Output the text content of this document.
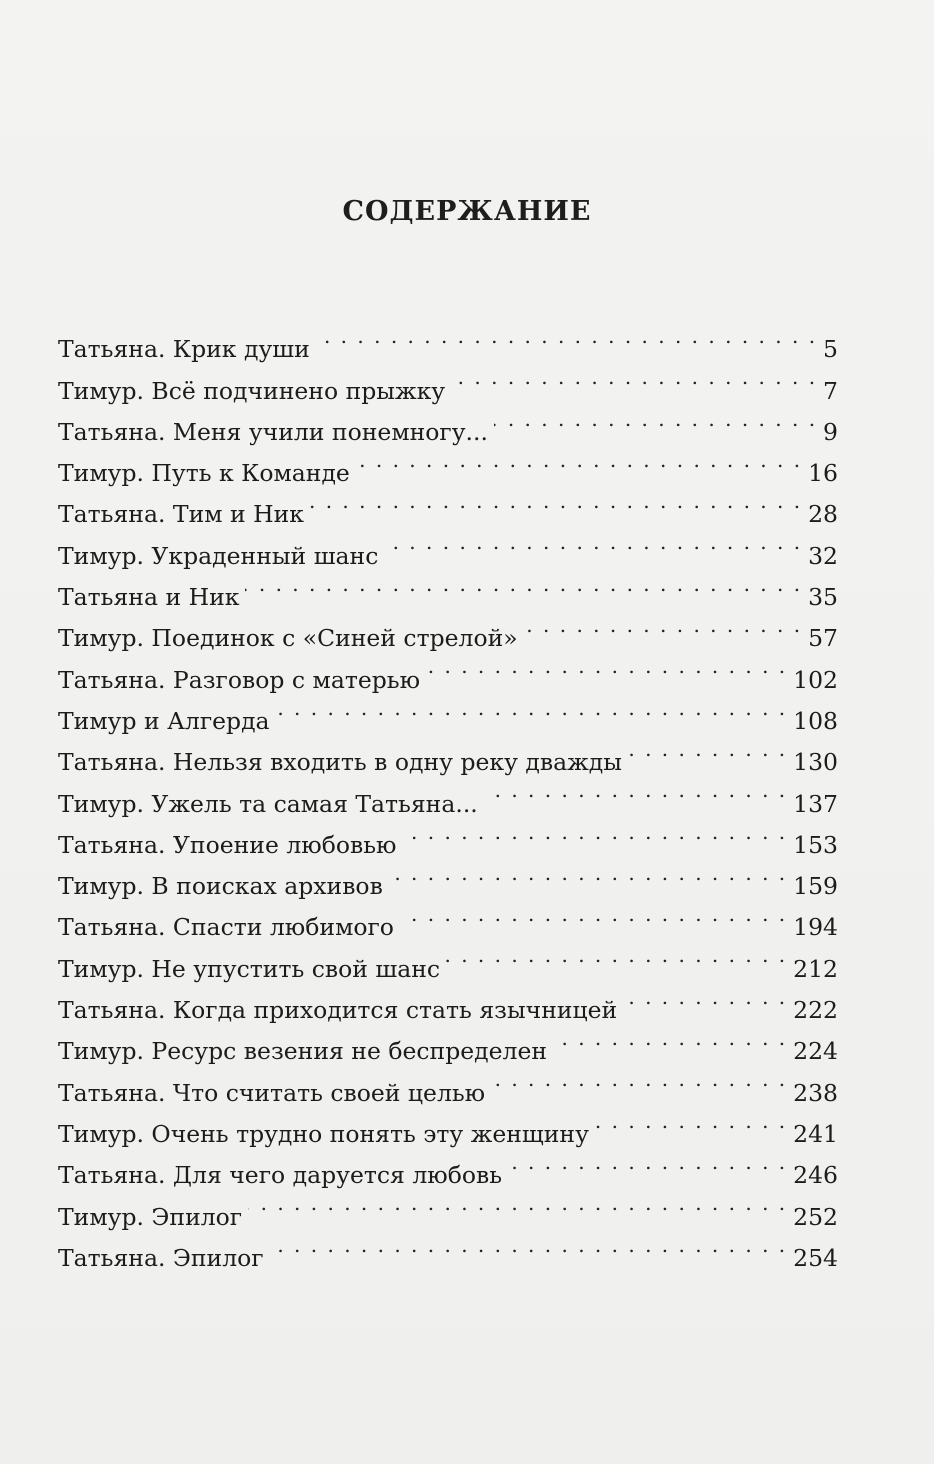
СОДЕРЖАНИЕ
Татьяна. Крик души . . .	5
Тимур. Всё подчинено прыжку . . .	7
Татьяна. Меня учили понемногу... . . .	9
Тимур. Путь к Команде . . .	16
Татьяна. Тим и Ник . . .	28
Тимур. Украденный шанс . . .	32
Татьяна и Ник . . .	35
Тимур. Поединок с «Синей стрелой» . . .	57
Татьяна. Разговор с матерью . . .	102
Тимур и Алгерда . . .	108
Татьяна. Нельзя входить в одну реку дважды . . .	130
Тимур. Ужель та самая Татьяна... . . .	137
Татьяна. Упоение любовью . . .	153
Тимур. В поисках архивов . . .	159
Татьяна. Спасти любимого . . .	194
Тимур. Не упустить свой шанс . . .	212
Татьяна. Когда приходится стать язычницей . . .	222
Тимур. Ресурс везения не беспределен . . .	224
Татьяна. Что считать своей целью . . .	238
Тимур. Очень трудно понять эту женщину . . .	241
Татьяна. Для чего даруется любовь . . .	246
Тимур. Эпилог . . .	252
Татьяна. Эпилог . . .	254
